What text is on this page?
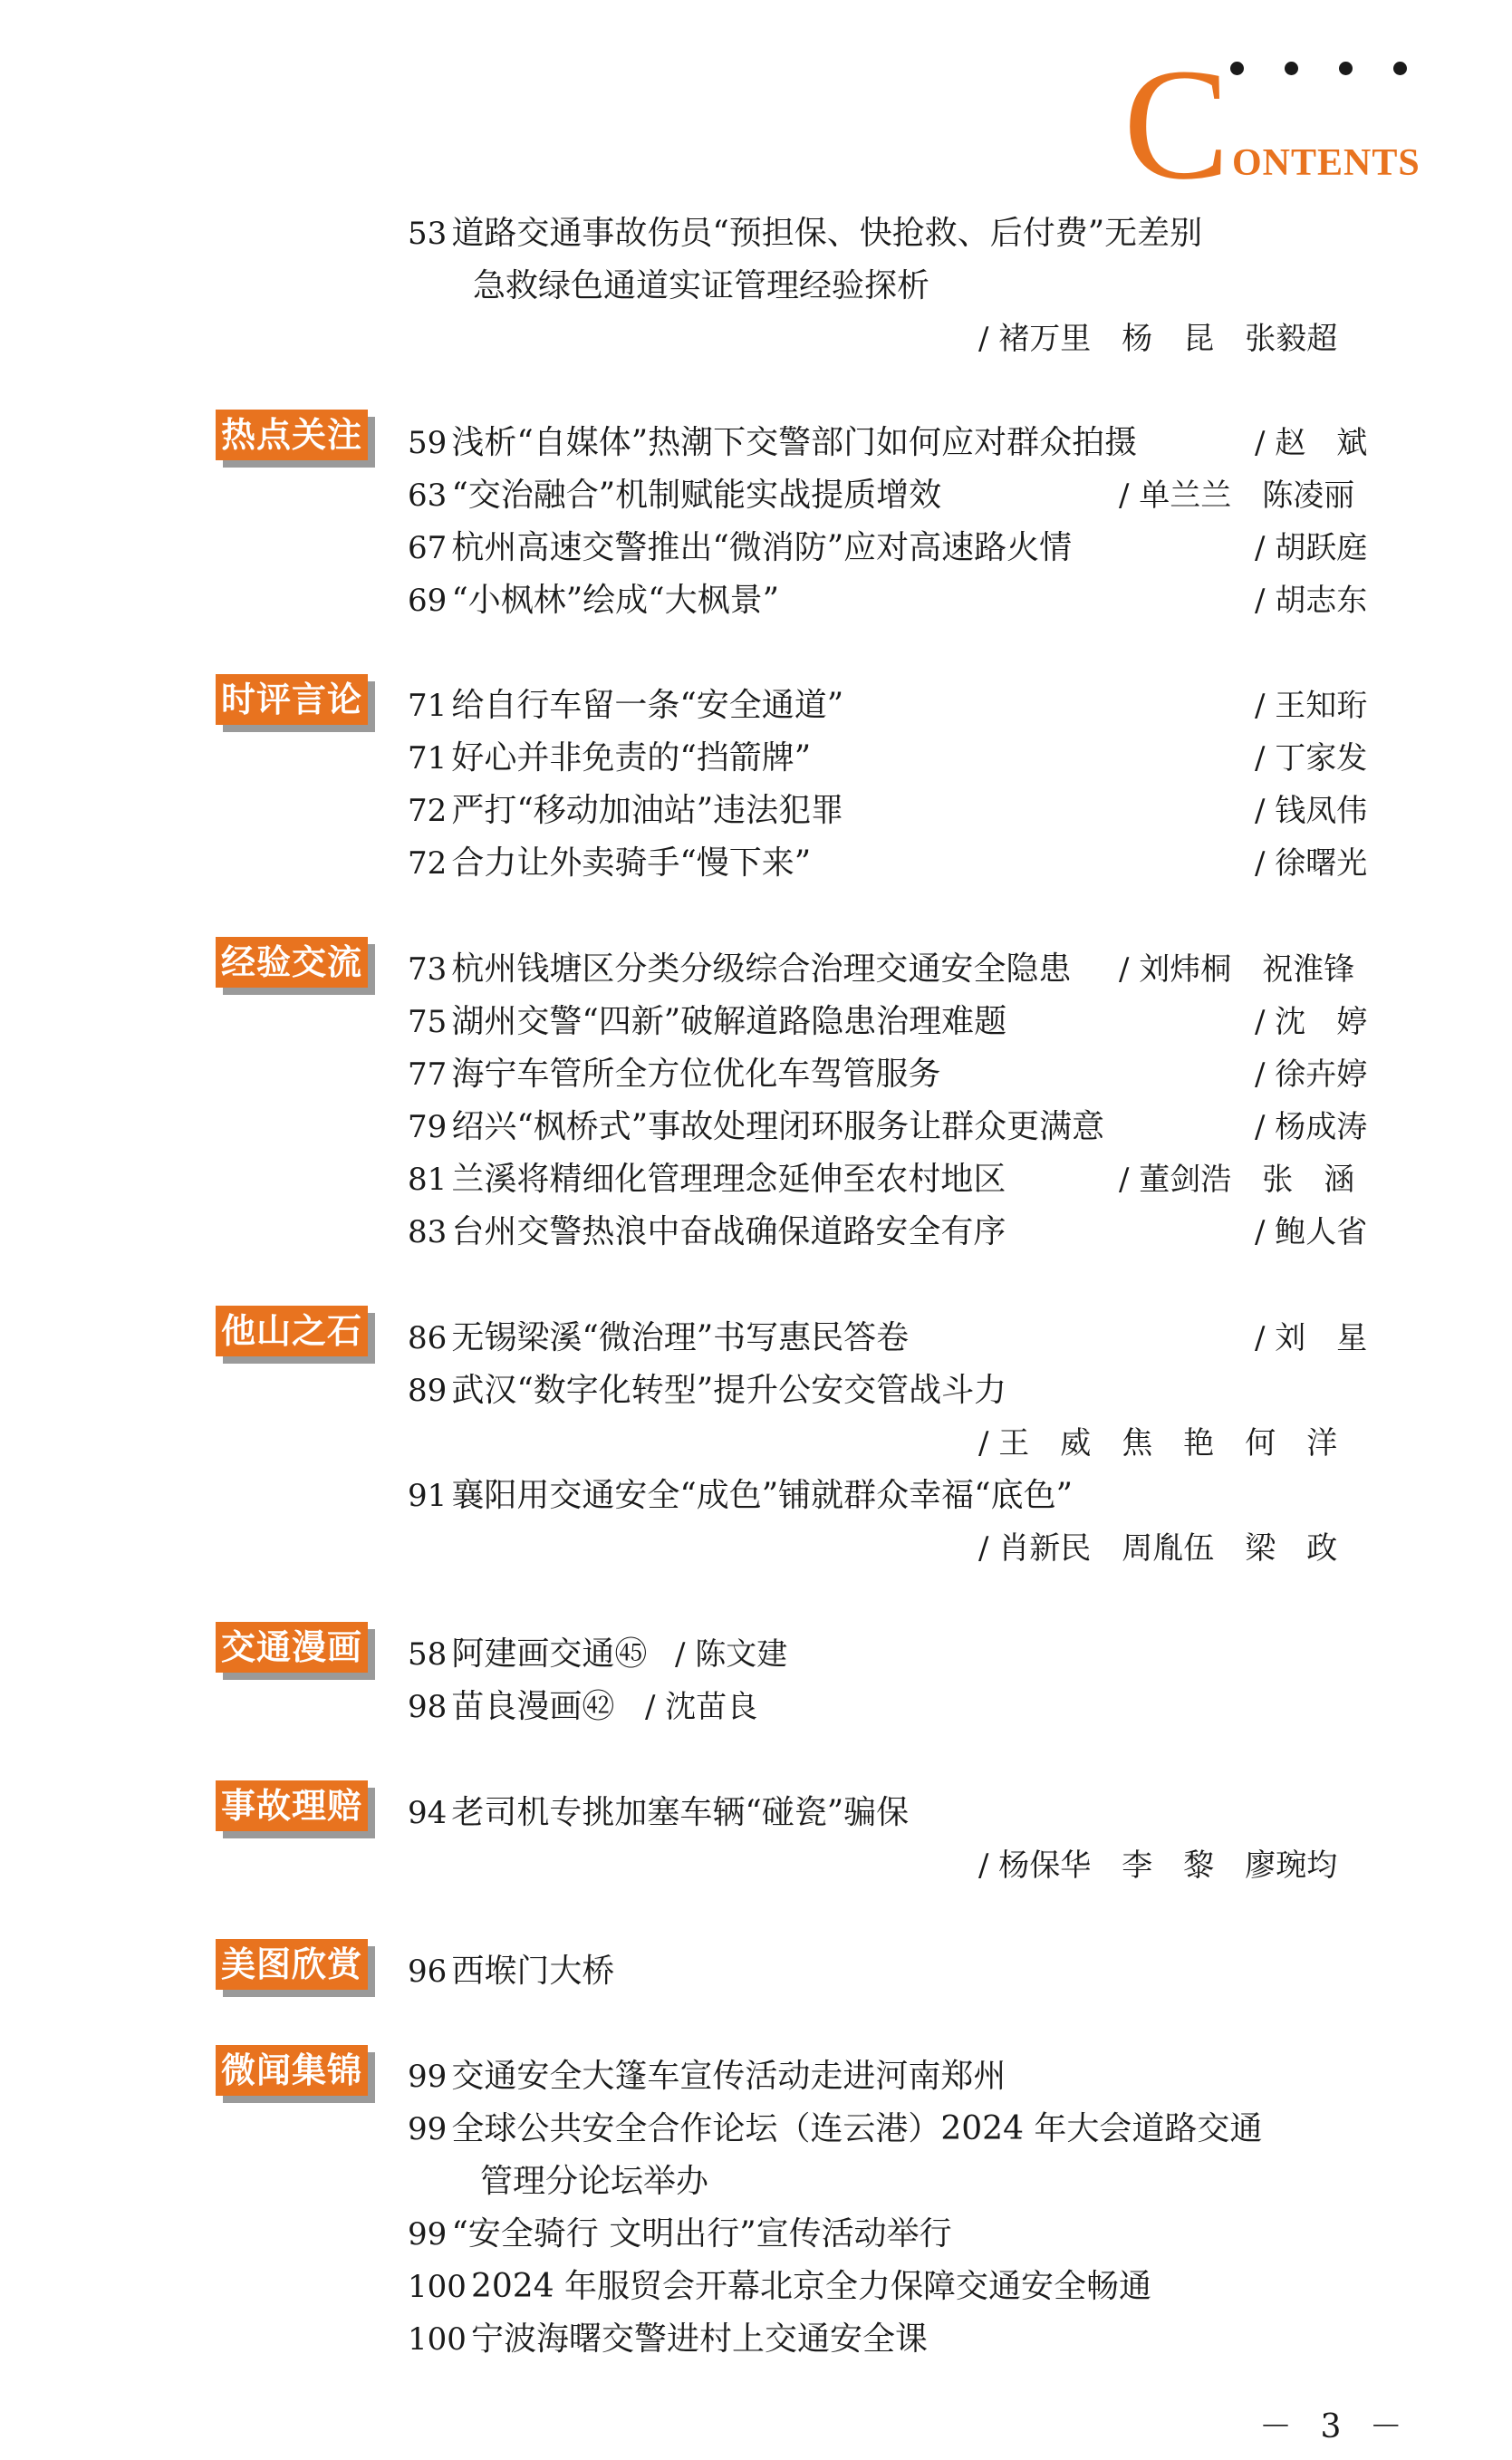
C ONTENTS
53 道路交通事故伤员“预担保、快抢救、后付费”无差别
急救绿色通道实证管理经验探析
/ 褚万里　杨　昆　张毅超
热点关注 59 浅析“自媒体”热潮下交警部门如何应对群众拍摄	/ 赵　斌
63 “交治融合”机制赋能实战提质增效	/ 单兰兰　陈凌丽
67 杭州高速交警推出“微消防”应对高速路火情	/ 胡跃庭
69 “小枫林”绘成“大枫景”	/ 胡志东
时评言论 71 给自行车留一条“安全通道”	/ 王知珩
71 好心并非免责的“挡箭牌”	/ 丁家发
72 严打“移动加油站”违法犯罪	/ 钱凤伟
72 合力让外卖骑手“慢下来”	/ 徐曙光
经验交流 73 杭州钱塘区分类分级综合治理交通安全隐患 / 刘炜桐　祝淮锋
75 湖州交警“四新”破解道路隐患治理难题	/ 沈　婷
77 海宁车管所全方位优化车驾管服务	/ 徐卉婷
79 绍兴“枫桥式”事故处理闭环服务让群众更满意	/ 杨成涛
81 兰溪将精细化管理理念延伸至农村地区	/ 董剑浩　张　涵
83 台州交警热浪中奋战确保道路安全有序	/ 鲍人省
他山之石 86 无锡梁溪“微治理”书写惠民答卷	/ 刘　星
89 武汉“数字化转型”提升公安交管战斗力
/ 王　威　焦　艳　何　洋
91 襄阳用交通安全“成色”铺就群众幸福“底色”
/ 肖新民　周胤伍　梁　政
交通漫画 58 阿建画交通㊺ / 陈文建
98 苗良漫画㊷ / 沈苗良
事故理赔 94 老司机专挑加塞车辆“碰瓷”骗保
/ 杨保华　李　黎　廖琬均
美图欣赏 96 西堠门大桥
微闻集锦 99 交通安全大篷车宣传活动走进河南郑州
99 全球公共安全合作论坛（连云港）2024 年大会道路交通
管理分论坛举办
99 “安全骑行 文明出行”宣传活动举行
100 2024 年服贸会开幕北京全力保障交通安全畅通
100 宁波海曙交警进村上交通安全课
－ 3 －
